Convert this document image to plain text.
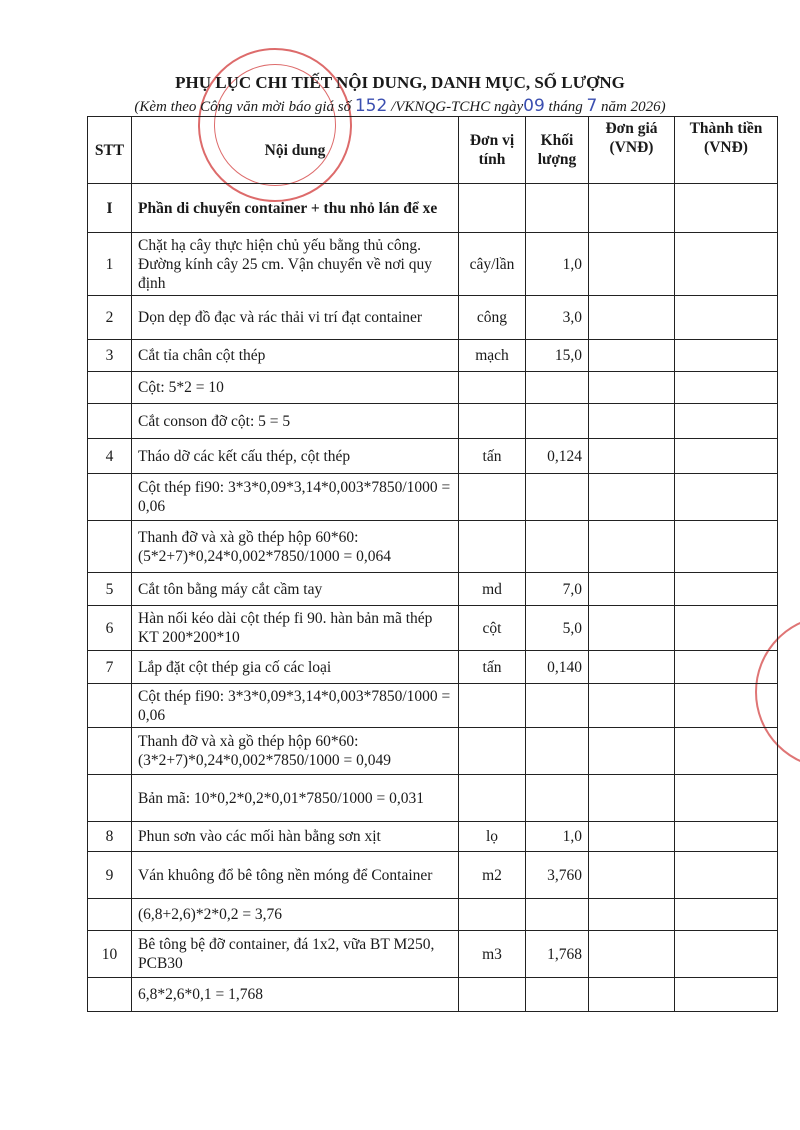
PHỤ LỤC CHI TIẾT NỘI DUNG, DANH MỤC, SỐ LƯỢNG
(Kèm theo Công văn mời báo giá số 152 /VKNQG-TCHC ngày09 tháng 7 năm 2026)
STT	Nội dung	Đơn vị tính	Khối lượng	Đơn giá (VNĐ)	Thành tiền (VNĐ)
I	Phần di chuyển container + thu nhỏ lán để xe				
1	Chặt hạ cây thực hiện chủ yếu bằng thủ công. Đường kính cây 25 cm. Vận chuyển về nơi quy định	cây/lần	1,0		
2	Dọn dẹp đồ đạc và rác thải vi trí đạt container	công	3,0		
3	Cắt tỉa chân cột thép	mạch	15,0		
	Cột: 5*2 = 10				
	Cắt conson đỡ cột: 5 = 5				
4	Tháo dỡ các kết cấu thép, cột thép	tấn	0,124		
	Cột thép fi90: 3*3*0,09*3,14*0,003*7850/1000 = 0,06				
	Thanh đỡ và xà gồ thép hộp 60*60: (5*2+7)*0,24*0,002*7850/1000 = 0,064				
5	Cắt tôn bằng máy cắt cầm tay	md	7,0		
6	Hàn nối kéo dài cột thép fi 90. hàn bản mã thép KT 200*200*10	cột	5,0		
7	Lắp đặt cột thép gia cố các loại	tấn	0,140		
	Cột thép fi90: 3*3*0,09*3,14*0,003*7850/1000 = 0,06				
	Thanh đỡ và xà gồ thép hộp 60*60: (3*2+7)*0,24*0,002*7850/1000 = 0,049				
	Bản mã: 10*0,2*0,2*0,01*7850/1000 = 0,031				
8	Phun sơn vào các mối hàn bằng sơn xịt	lọ	1,0		
9	Ván khuông đổ bê tông nền móng để Container	m2	3,760		
	(6,8+2,6)*2*0,2 = 3,76				
10	Bê tông bệ đỡ container, đá 1x2, vữa BT M250, PCB30	m3	1,768		
	6,8*2,6*0,1 = 1,768				
